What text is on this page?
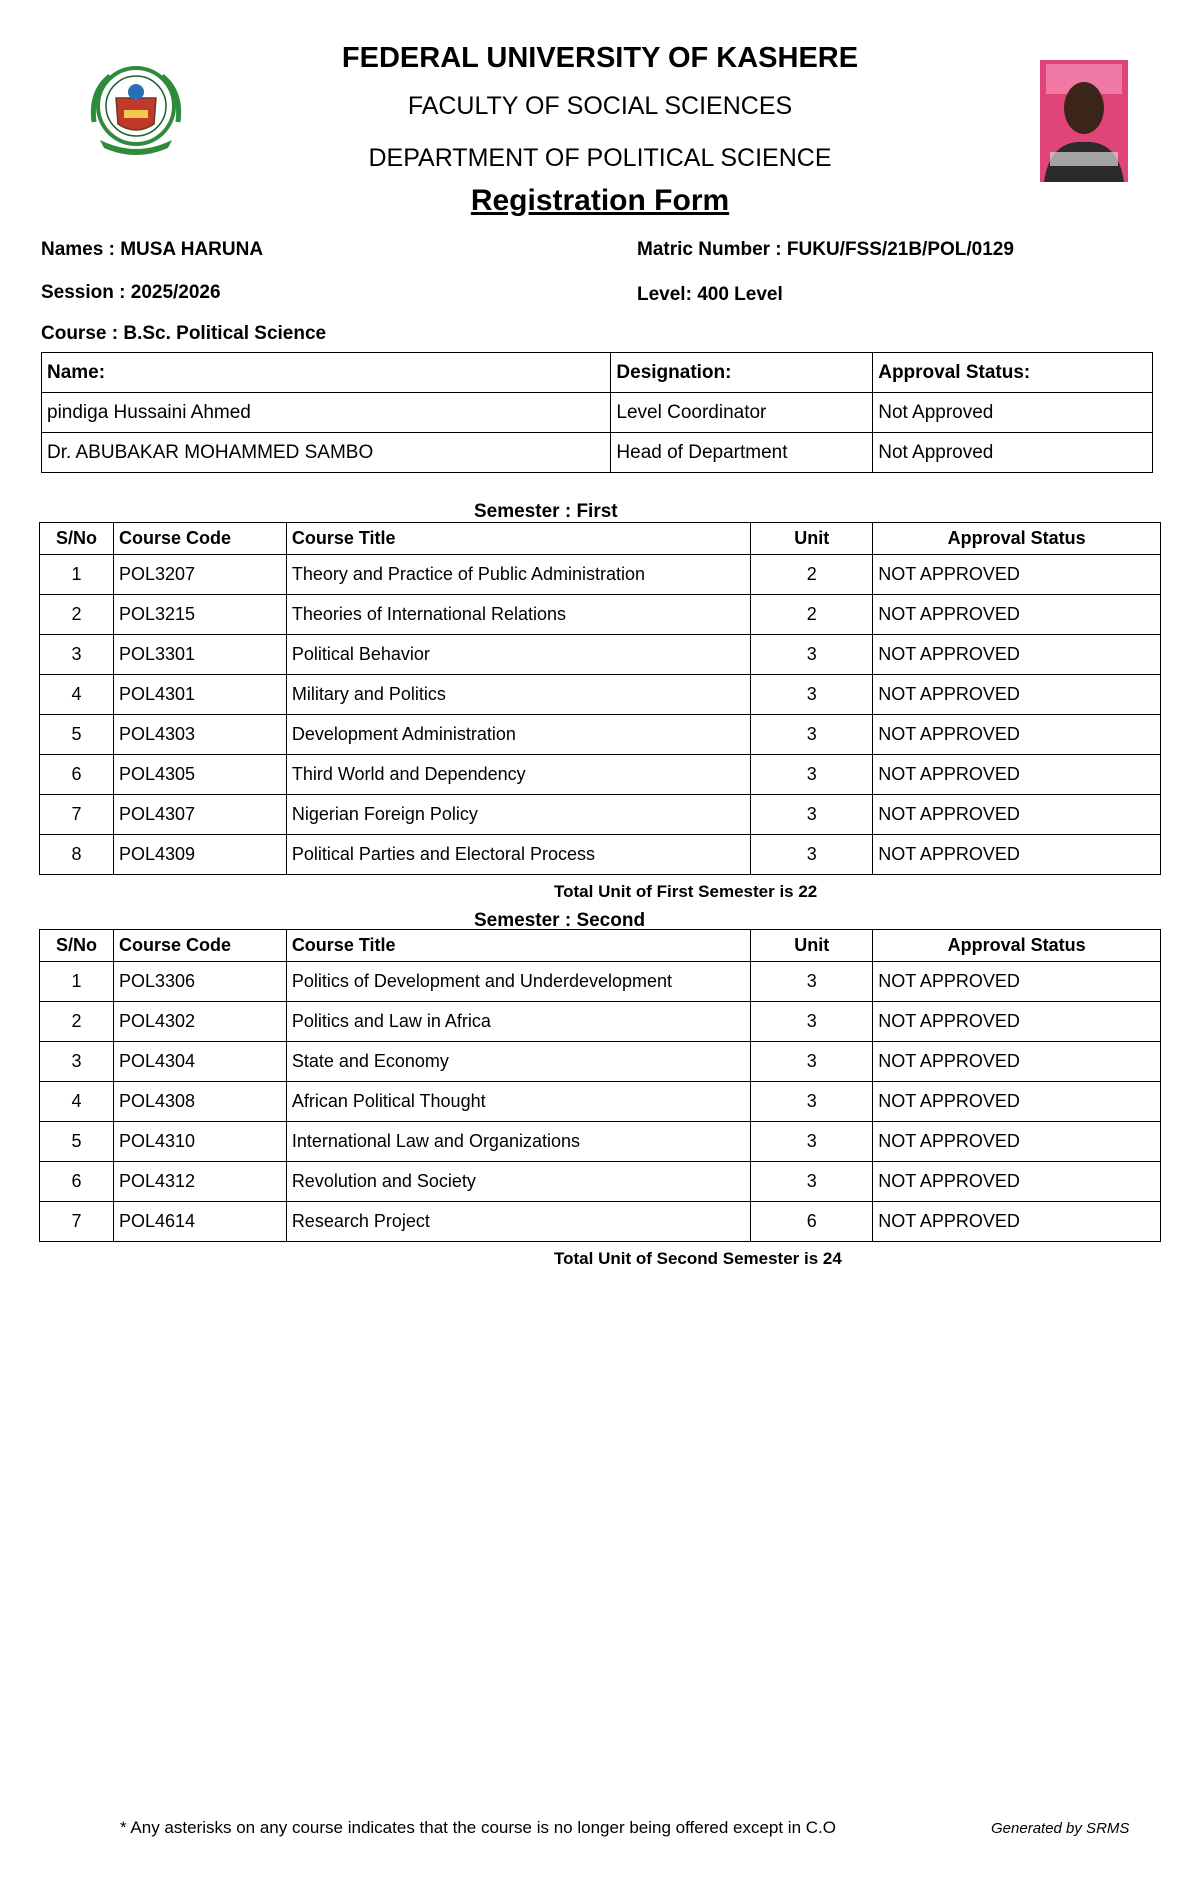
FEDERAL UNIVERSITY OF KASHERE
FACULTY OF SOCIAL SCIENCES
DEPARTMENT OF POLITICAL SCIENCE
Registration Form
Names : MUSA HARUNA	Matric Number : FUKU/FSS/21B/POL/0129
Session : 2025/2026	Level: 400 Level
Course : B.Sc. Political Science
Name:	Designation:	Approval Status:
pindiga Hussaini Ahmed	Level Coordinator	Not Approved
Dr. ABUBAKAR MOHAMMED SAMBO	Head of Department	Not Approved
Semester : First
S/No	Course Code	Course Title	Unit	Approval Status
1	POL3207	Theory and Practice of Public Administration	2	NOT APPROVED
2	POL3215	Theories of International Relations	2	NOT APPROVED
3	POL3301	Political Behavior	3	NOT APPROVED
4	POL4301	Military and Politics	3	NOT APPROVED
5	POL4303	Development Administration	3	NOT APPROVED
6	POL4305	Third World and Dependency	3	NOT APPROVED
7	POL4307	Nigerian Foreign Policy	3	NOT APPROVED
8	POL4309	Political Parties and Electoral Process	3	NOT APPROVED
Total Unit of First Semester is 22
Semester : Second
S/No	Course Code	Course Title	Unit	Approval Status
1	POL3306	Politics of Development and Underdevelopment	3	NOT APPROVED
2	POL4302	Politics and Law in Africa	3	NOT APPROVED
3	POL4304	State and Economy	3	NOT APPROVED
4	POL4308	African Political Thought	3	NOT APPROVED
5	POL4310	International Law and Organizations	3	NOT APPROVED
6	POL4312	Revolution and Society	3	NOT APPROVED
7	POL4614	Research Project	6	NOT APPROVED
Total Unit of Second Semester is 24
* Any asterisks on any course indicates that the course is no longer being offered except in C.O	Generated by SRMS
